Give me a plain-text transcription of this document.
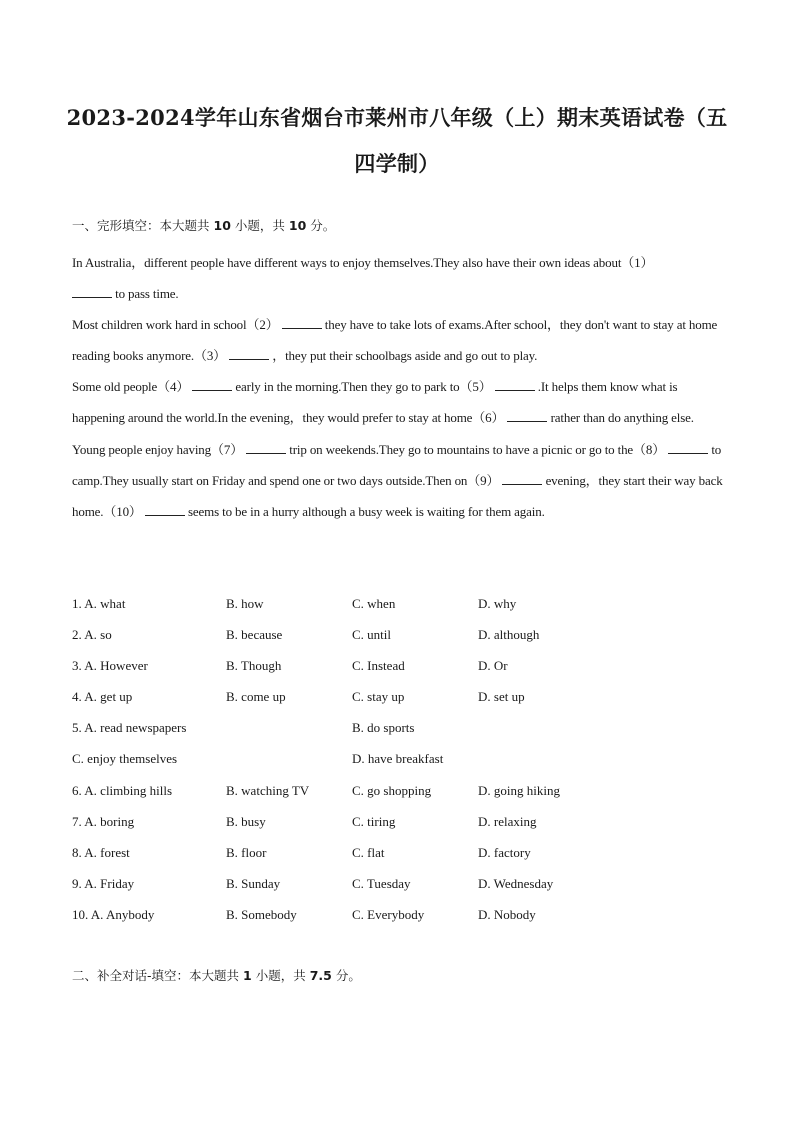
2023-2024学年山东省烟台市莱州市八年级（上）期末英语试卷（五
四学制）
一、完形填空：本大题共 10 小题，共 10 分。

In Australia，different people have different ways to enjoy themselves.They also have their own ideas about（1）
to pass time.

Most children work hard in school（2）	they have to take lots of exams.After school，they don't want to stay at home reading books anymore.（3）	，they put their schoolbags aside and go out to play.

Some old people（4）	early in the morning.Then they go to park to（5）	.It helps them know what is happening around the world.In the evening，they would prefer to stay at home（6）	rather than do anything else.

Young people enjoy having（7）	trip on weekends.They go to mountains to have a picnic or go to the（8）	to camp.They usually start on Friday and spend one or two days outside.Then on（9）	evening，they start their way back home.（10）	seems to be in a hurry although a busy week is waiting for them again.

1. A. what	B. how	C. when	D. why
2. A. so	B. because	C. until	D. although
3. A. However	B. Though	C. Instead	D. Or
4. A. get up	B. come up	C. stay up	D. set up
5. A. read newspapers	B. do sports
C. enjoy themselves	D. have breakfast
6. A. climbing hills	B. watching TV	C. go shopping	D. going hiking
7. A. boring	B. busy	C. tiring	D. relaxing
8. A. forest	B. floor	C. flat	D. factory
9. A. Friday	B. Sunday	C. Tuesday	D. Wednesday
10. A. Anybody	B. Somebody	C. Everybody	D. Nobody
二、补全对话-填空：本大题共 1 小题，共 7.5 分。
